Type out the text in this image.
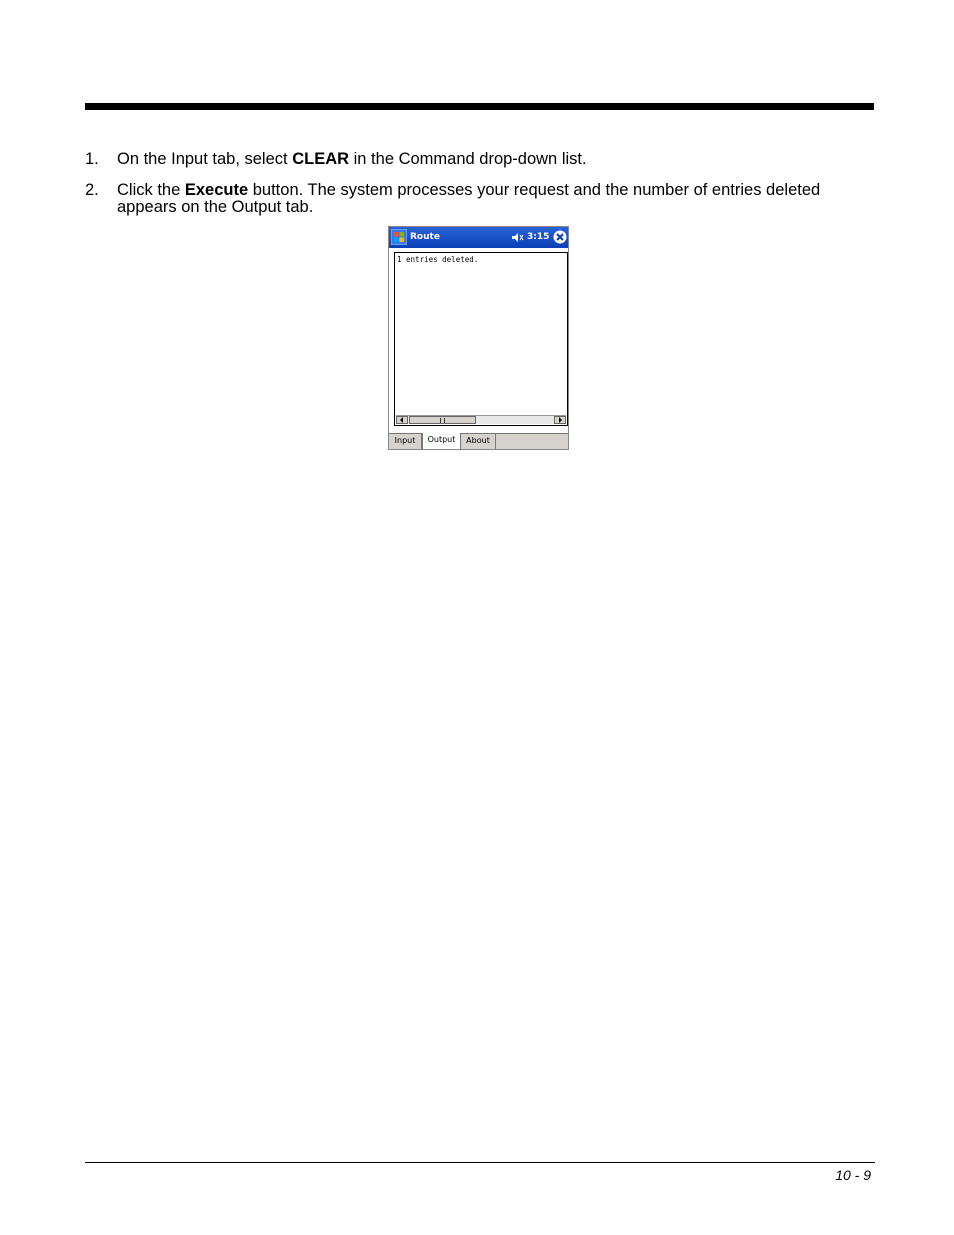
1. On the Input tab, select CLEAR in the Command drop-down list.
2. Click the Execute button. The system processes your request and the number of entries deleted appears on the Output tab.
Route	3:15
1 entries deleted.
Input	Output	About
10 - 9
